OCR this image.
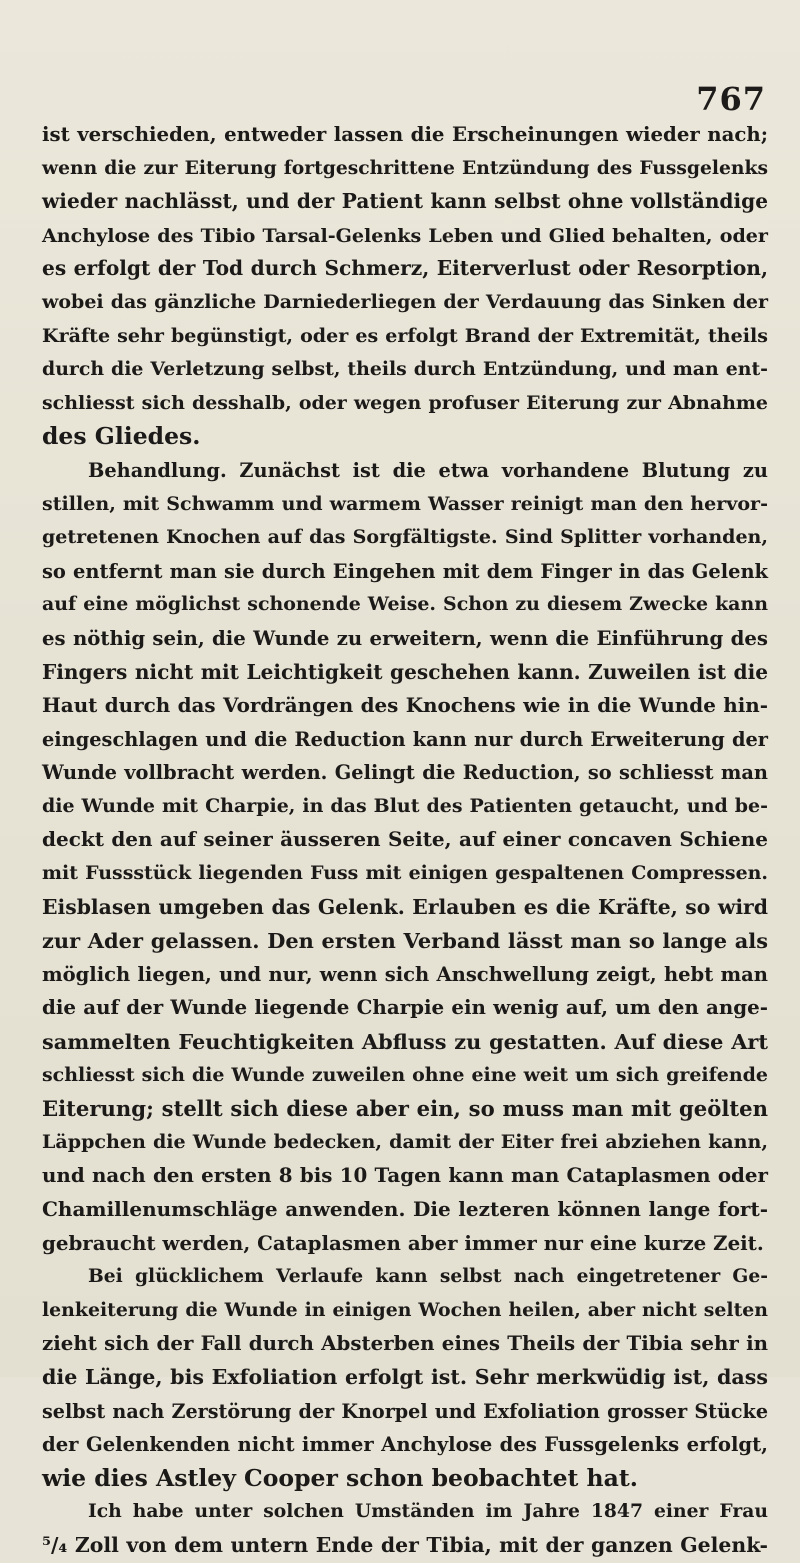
767
ist verschieden, entweder lassen die Erscheinungen wieder nach;
wenn die zur Eiterung fortgeschrittene Entzündung des Fussgelenks
wieder nachlässt, und der Patient kann selbst ohne vollständige
Anchylose des Tibio Tarsal-Gelenks Leben und Glied behalten, oder
es erfolgt der Tod durch Schmerz, Eiterverlust oder Resorption,
wobei das gänzliche Darniederliegen der Verdauung das Sinken der
Kräfte sehr begünstigt, oder es erfolgt Brand der Extremität, theils
durch die Verletzung selbst, theils durch Entzündung, und man ent-
schliesst sich desshalb, oder wegen profuser Eiterung zur Abnahme
des Gliedes.
Behandlung. Zunächst ist die etwa vorhandene Blutung zu
stillen, mit Schwamm und warmem Wasser reinigt man den hervor-
getretenen Knochen auf das Sorgfältigste. Sind Splitter vorhanden,
so entfernt man sie durch Eingehen mit dem Finger in das Gelenk
auf eine möglichst schonende Weise. Schon zu diesem Zwecke kann
es nöthig sein, die Wunde zu erweitern, wenn die Einführung des
Fingers nicht mit Leichtigkeit geschehen kann. Zuweilen ist die
Haut durch das Vordrängen des Knochens wie in die Wunde hin-
eingeschlagen und die Reduction kann nur durch Erweiterung der
Wunde vollbracht werden. Gelingt die Reduction, so schliesst man
die Wunde mit Charpie, in das Blut des Patienten getaucht, und be-
deckt den auf seiner äusseren Seite, auf einer concaven Schiene
mit Fussstück liegenden Fuss mit einigen gespaltenen Compressen.
Eisblasen umgeben das Gelenk. Erlauben es die Kräfte, so wird
zur Ader gelassen. Den ersten Verband lässt man so lange als
möglich liegen, und nur, wenn sich Anschwellung zeigt, hebt man
die auf der Wunde liegende Charpie ein wenig auf, um den ange-
sammelten Feuchtigkeiten Abfluss zu gestatten. Auf diese Art
schliesst sich die Wunde zuweilen ohne eine weit um sich greifende
Eiterung; stellt sich diese aber ein, so muss man mit geölten
Läppchen die Wunde bedecken, damit der Eiter frei abziehen kann,
und nach den ersten 8 bis 10 Tagen kann man Cataplasmen oder
Chamillenumschläge anwenden. Die lezteren können lange fort-
gebraucht werden, Cataplasmen aber immer nur eine kurze Zeit.
Bei glücklichem Verlaufe kann selbst nach eingetretener Ge-
lenkeiterung die Wunde in einigen Wochen heilen, aber nicht selten
zieht sich der Fall durch Absterben eines Theils der Tibia sehr in
die Länge, bis Exfoliation erfolgt ist. Sehr merkwüdig ist, dass
selbst nach Zerstörung der Knorpel und Exfoliation grosser Stücke
der Gelenkenden nicht immer Anchylose des Fussgelenks erfolgt,
wie dies Astley Cooper schon beobachtet hat.
Ich habe unter solchen Umständen im Jahre 1847 einer Frau
⁵/₄ Zoll von dem untern Ende der Tibia, mit der ganzen Gelenk-
